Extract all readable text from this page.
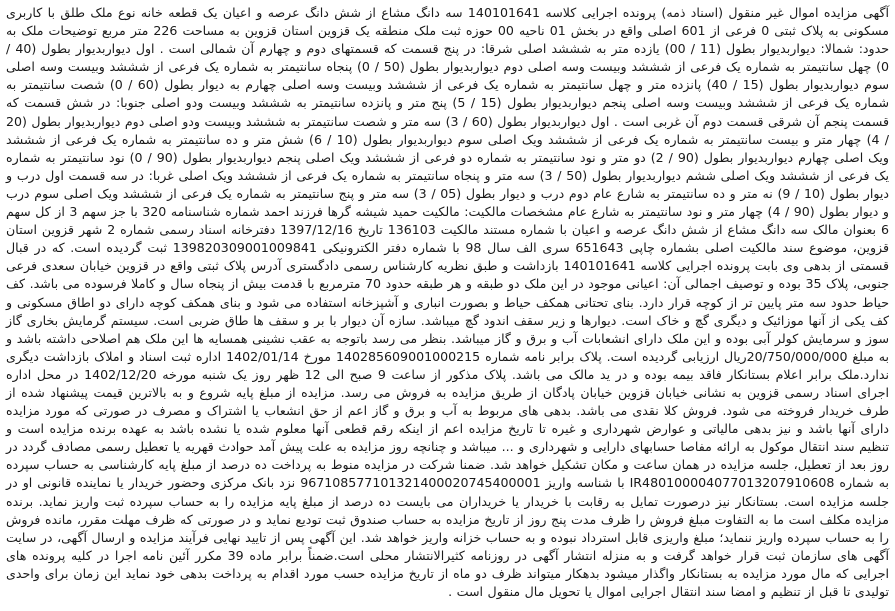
آگهی مزایده اموال غیر منقول (اسناد ذمه) پرونده اجرایی کلاسه 140101641 سه دانگ مشاع از شش دانگ عرصه و اعیان یک قطعه خانه نوع ملک طلق با کاربری مسکونی به پلاک ثبتی 0 فرعی از 601 اصلی واقع در بخش 01 ناحیه 00 حوزه ثبت ملک منطقه یک قزوین استان قزوین به مساحت 226 متر مربع توضیحات ملک به حدود: شمالا: دیواربدیوار بطول (11 / 00) یازده متر به شششد اصلی شرقا: در پنج قسمت که قسمتهای دوم و چهارم آن شمالی است . اول دیواربدیوار بطول (40 / 0) چهل سانتیمتر به شماره یک فرعی از شششد وبیست وسه اصلی دوم دیواربدیوار بطول (50 / 0) پنجاه سانتیمتر به شماره یک فرعی از شششد وبیست وسه اصلی سوم دیواربدیوار بطول (15 / 40) پانزده متر و چهل سانتیمتر به شماره یک فرعی از شششد وبیست وسه اصلی چهارم به دیوار بطول (60 / 0) شصت سانتیمتر به شماره یک فرعی از شششد وبیست وسه اصلی پنجم دیواربدیوار بطول (15 / 5) پنج متر و پانزده سانتیمتر به شششد وبیست ودو اصلی جنوبا: در شش قسمت که قسمت پنجم آن شرقی قسمت دوم آن غربی است . اول دیواربدیوار بطول (60 / 3) سه متر و شصت سانتیمتر به شششد وبیست ودو اصلی دوم دیواربدیوار بطول (20 / 4) چهار متر و بیست سانتیمتر به شماره یک فرعی از شششد ویک اصلی سوم دیواربدیوار بطول (10 / 6) شش متر و ده سانتیمتر به شماره یک فرعی از شششد ویک اصلی چهارم دیواربدیوار بطول (90 / 2) دو متر و نود سانتیمتر به شماره دو فرعی از شششد ویک اصلی پنجم دیواربدیوار بطول (90 / 0) نود سانتیمتر به شماره یک فرعی از شششد ویک اصلی ششم دیواربدیوار بطول (50 / 3) سه متر و پنجاه سانتیمتر به شماره یک فرعی از شششد ویک اصلی غربا: در سه قسمت اول درب و دیوار بطول (10 / 9) نه متر و ده سانتیمتر به شارع عام دوم درب و دیوار بطول (05 / 3) سه متر و پنج سانتیمتر به شماره یک فرعی از شششد ویک اصلی سوم درب و دیوار بطول (90 / 4) چهار متر و نود سانتیمتر به شارع عام مشخصات مالکیت: مالکیت حمید شیشه گرها فرزند احمد شماره شناسنامه 320 با جز سهم 3 از کل سهم 6 بعنوان مالک سه دانگ مشاع از شش دانگ عرصه و اعیان با شماره مستند مالکیت 136103 تاریخ 1397/12/16 دفترخانه اسناد رسمی شماره 2 شهر قزوین استان قزوین، موضوع سند مالکیت اصلی بشماره چاپی 651643 سری الف سال 98 با شماره دفتر الکترونیکی 139820309001009841 ثبت گردیده است. که در قبال قسمتی از بدهی وی بابت پرونده اجرایی کلاسه 140101641 بازداشت و طبق نظریه کارشناس رسمی دادگستری آدرس پلاک ثبتی واقع در قزوین خیابان سعدی فرعی جنوبی، پلاک 35 بوده و توصیف اجمالی آن: اعیانی موجود در این ملک دو طبقه و هر طبقه حدود 70 مترمربع با قدمت بیش از پنجاه سال و کاملا فرسوده می باشد. کف حیاط حدود سه متر پایین تر از کوچه قرار دارد. بنای تحتانی همکف حیاط و بصورت انباری و آشپزخانه استفاده می شود و بنای همکف کوچه دارای دو اطاق مسکونی و کف یکی از آنها موزائیک و دیگری گچ و خاک است. دیوارها و زیر سقف اندود گچ میباشد. سازه آن دیوار با بر و سقف ها طاق ضربی است. سیستم گرمایش بخاری گاز سوز و سرمایش کولر آبی بوده و این ملک دارای انشعابات آب و برق و گاز میباشد. بنظر می رسد باتوجه به عقب نشینی همسایه ها این ملک هم اصلاحی داشته باشد و به مبلغ 20/750/000/000ریال ارزیابی گردیده است. پلاک برابر نامه شماره 140285609001000215 مورخ 1402/01/14 اداره ثبت اسناد و املاک بازداشت دیگری ندارد.ملک برابر اعلام بستانکار فاقد بیمه بوده و در ید مالک می باشد. پلاک مذکور از ساعت 9 صبح الی 12 ظهر روز یک شنبه مورخه 1402/12/20 در محل اداره اجرای اسناد رسمی قزوین به نشانی خیابان قزوین خیابان پادگان از طریق مزایده به فروش می رسد. مزایده از مبلغ پایه شروع و به بالاترین قیمت پیشنهاد شده از طرف خریدار فروخته می شود. فروش کلا نقدی می باشد. بدهی های مربوط به آب و برق و گاز اعم از حق انشعاب یا اشتراک و مصرف در صورتی که مورد مزایده دارای آنها باشد و نیز بدهی مالیاتی و عوارض شهرداری و غیره تا تاریخ مزایده اعم از اینکه رقم قطعی آنها معلوم شده یا نشده باشد به عهده برنده مزایده است و تنظیم سند انتقال موکول به ارائه مفاصا حسابهای دارایی و شهرداری و ... میباشد و چنانچه روز مزایده به علت پیش آمد حوادث قهریه یا تعطیل رسمی مصادف گردد در روز بعد از تعطیل، جلسه مزایده در همان ساعت و مکان تشکیل خواهد شد. ضمنا شرکت در مزایده منوط به پرداخت ده درصد از مبلغ پایه کارشناسی به حساب سپرده به شماره IR480100004077013207910608 با شناسه واریز 967108577101321400020745400001 نزد بانک مرکزی وحضور خریدار یا نماینده قانونی او در جلسه مزایده است. بستانکار نیز درصورت تمایل به رقابت با خریدار یا خریداران می بایست ده درصد از مبلغ پایه مزایده را به حساب سپرده ثبت واریز نماید. برنده مزایده مکلف است ما به التفاوت مبلغ فروش را ظرف مدت پنج روز از تاریخ مزایده به حساب صندوق ثبت تودیع نماید و در صورتی که ظرف مهلت مقرر، مانده فروش را به حساب سپرده واریز ننماید؛ مبلغ واریزی قابل استرداد نبوده و به حساب خزانه واریز خواهد شد. این آگهی پس از تایید نهایی فرآیند مزایده و ارسال آگهی، در سایت آگهی های سازمان ثبت قرار خواهد گرفت و به منزله انتشار آگهی در روزنامه کثیرالانتشار محلی است.ضمناً برابر ماده 39 مکرر آئین نامه اجرا در کلیه پرونده های اجرایی که مال مورد مزایده به بستانکار واگذار میشود بدهکار میتواند ظرف دو ماه از تاریخ مزایده حسب مورد اقدام به پرداخت بدهی خود نماید این زمان برای واحدی تولیدی تا قبل از تنظیم و امضا سند انتقال اجرایی اموال یا تحویل مال منقول است .
